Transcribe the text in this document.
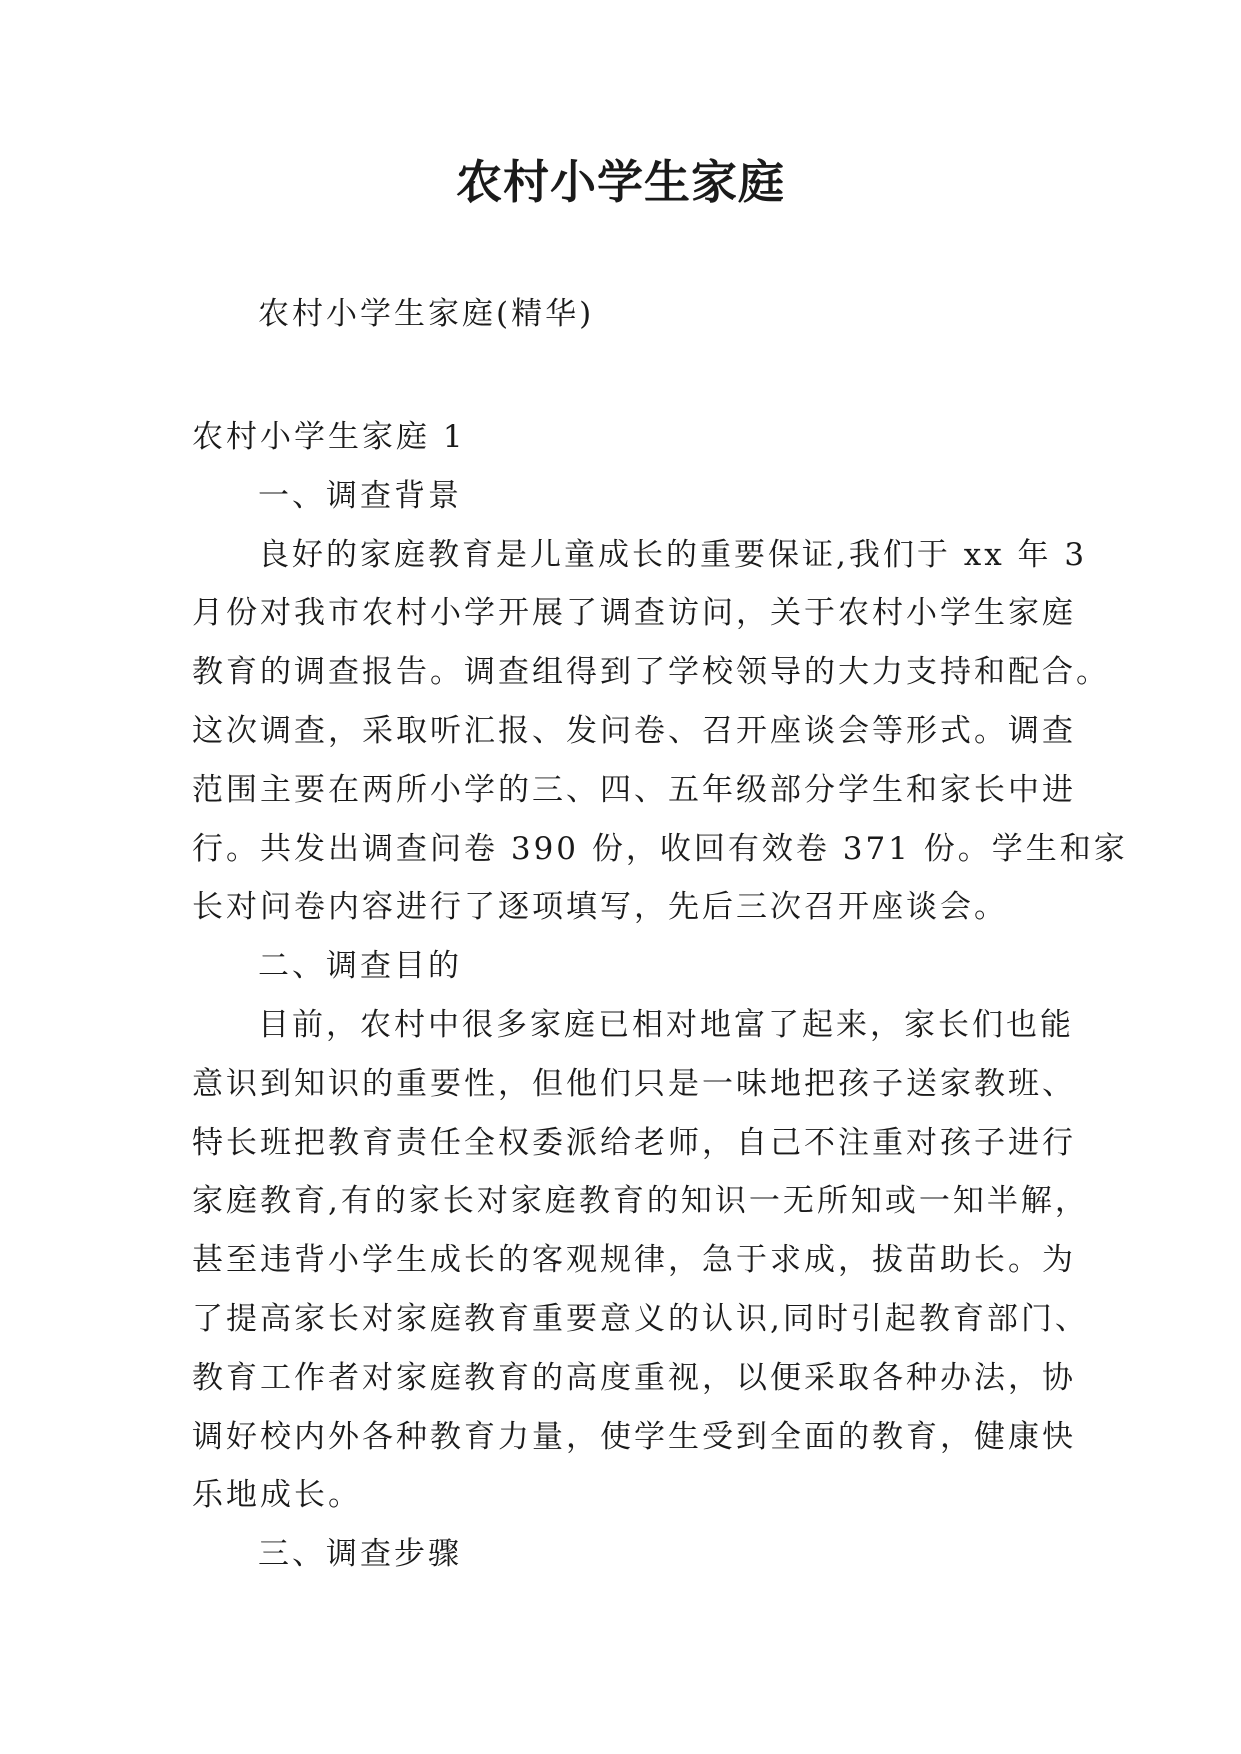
农村小学生家庭

农村小学生家庭(精华)

农村小学生家庭 1
一、调查背景
良好的家庭教育是儿童成长的重要保证,我们于 xx 年 3
月份对我市农村小学开展了调查访问，关于农村小学生家庭
教育的调查报告。调查组得到了学校领导的大力支持和配合。
这次调查，采取听汇报、发问卷、召开座谈会等形式。调查
范围主要在两所小学的三、四、五年级部分学生和家长中进
行。共发出调查问卷 390 份，收回有效卷 371 份。学生和家
长对问卷内容进行了逐项填写，先后三次召开座谈会。
二、调查目的
目前，农村中很多家庭已相对地富了起来，家长们也能
意识到知识的重要性，但他们只是一味地把孩子送家教班、
特长班把教育责任全权委派给老师，自己不注重对孩子进行
家庭教育,有的家长对家庭教育的知识一无所知或一知半解，
甚至违背小学生成长的客观规律，急于求成，拔苗助长。为
了提高家长对家庭教育重要意义的认识,同时引起教育部门、
教育工作者对家庭教育的高度重视，以便采取各种办法，协
调好校内外各种教育力量，使学生受到全面的教育，健康快
乐地成长。
三、调查步骤
